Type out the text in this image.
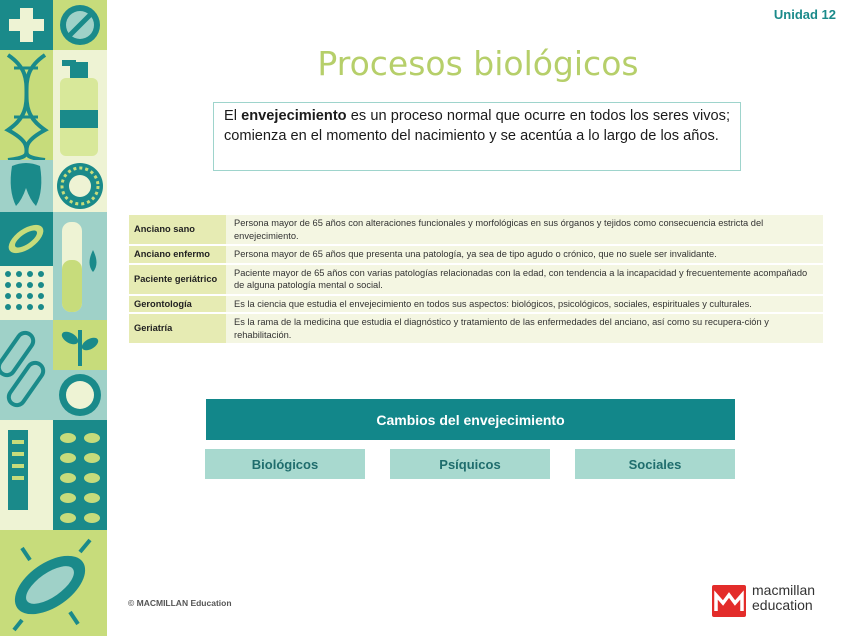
Unidad 12
Procesos biológicos
El envejecimiento es un proceso normal que ocurre en todos los seres vivos; comienza en el momento del nacimiento y se acentúa a lo largo de los años.
Anciano sano	Persona mayor de 65 años con alteraciones funcionales y morfológicas en sus órganos y tejidos como consecuencia estricta del envejecimiento.
Anciano enfermo	Persona mayor de 65 años que presenta una patología, ya sea de tipo agudo o crónico, que no suele ser invalidante.
Paciente geriátrico	Paciente mayor de 65 años con varias patologías relacionadas con la edad, con tendencia a la incapacidad y frecuentemente acompañado de alguna patología mental o social.
Gerontología	Es la ciencia que estudia el envejecimiento en todos sus aspectos: biológicos, psicológicos, sociales, espirituales y culturales.
Geriatría	Es la rama de la medicina que estudia el diagnóstico y tratamiento de las enfermedades del anciano, así como su recupera-ción y rehabilitación.
Cambios del envejecimiento
Biológicos	Psíquicos	Sociales
© MACMILLAN Education
macmillan
education
